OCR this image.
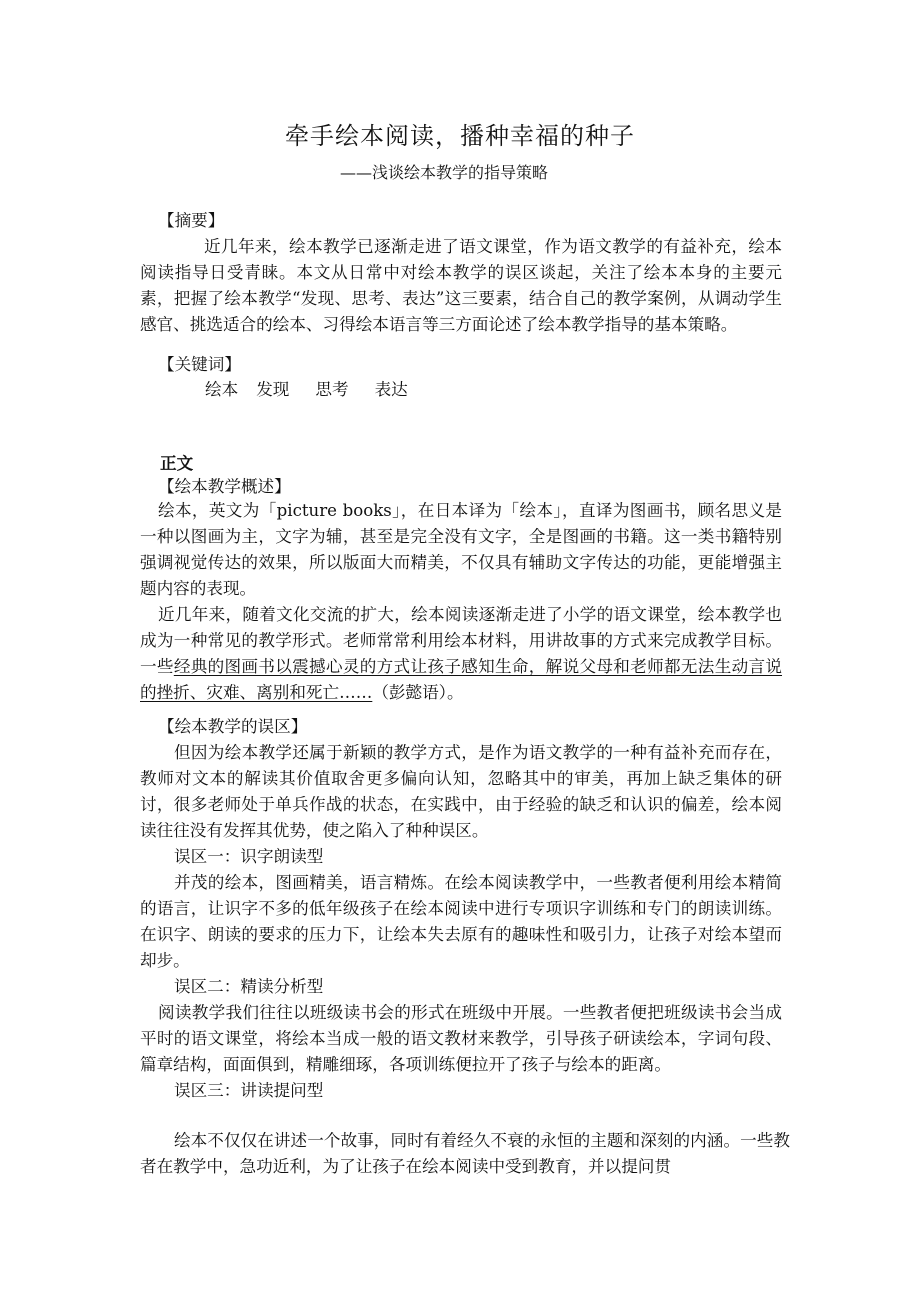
牵手绘本阅读，播种幸福的种子
——浅谈绘本教学的指导策略
【摘要】

近几年来，绘本教学已逐渐走进了语文课堂，作为语文教学的有益补充，绘本阅读指导日受青睐。本文从日常中对绘本教学的误区谈起，关注了绘本本身的主要元素，把握了绘本教学“发现、思考、表达”这三要素，结合自己的教学案例，从调动学生感官、挑选适合的绘本、习得绘本语言等三方面论述了绘本教学指导的基本策略。

【关键词】
绘本 发现 思考 表达
正文
【绘本教学概述】

绘本，英文为「picture books」，在日本译为「绘本」，直译为图画书，顾名思义是一种以图画为主，文字为辅，甚至是完全没有文字，全是图画的书籍。这一类书籍特别强调视觉传达的效果，所以版面大而精美，不仅具有辅助文字传达的功能，更能增强主题内容的表现。

近几年来，随着文化交流的扩大，绘本阅读逐渐走进了小学的语文课堂，绘本教学也成为一种常见的教学形式。老师常常利用绘本材料，用讲故事的方式来完成教学目标。一些经典的图画书以震撼心灵的方式让孩子感知生命，解说父母和老师都无法生动言说的挫折、灾难、离别和死亡……（彭懿语）。

【绘本教学的误区】

但因为绘本教学还属于新颖的教学方式，是作为语文教学的一种有益补充而存在，教师对文本的解读其价值取舍更多偏向认知，忽略其中的审美，再加上缺乏集体的研讨，很多老师处于单兵作战的状态，在实践中，由于经验的缺乏和认识的偏差，绘本阅读往往没有发挥其优势，使之陷入了种种误区。

误区一：识字朗读型

并茂的绘本，图画精美，语言精炼。在绘本阅读教学中，一些教者便利用绘本精简的语言，让识字不多的低年级孩子在绘本阅读中进行专项识字训练和专门的朗读训练。在识字、朗读的要求的压力下，让绘本失去原有的趣味性和吸引力，让孩子对绘本望而却步。

误区二：精读分析型

阅读教学我们往往以班级读书会的形式在班级中开展。一些教者便把班级读书会当成平时的语文课堂，将绘本当成一般的语文教材来教学，引导孩子研读绘本，字词句段、篇章结构，面面俱到，精雕细琢，各项训练便拉开了孩子与绘本的距离。

误区三：讲读提问型

绘本不仅仅在讲述一个故事，同时有着经久不衰的永恒的主题和深刻的内涵。一些教者在教学中，急功近利，为了让孩子在绘本阅读中受到教育，并以提问贯
